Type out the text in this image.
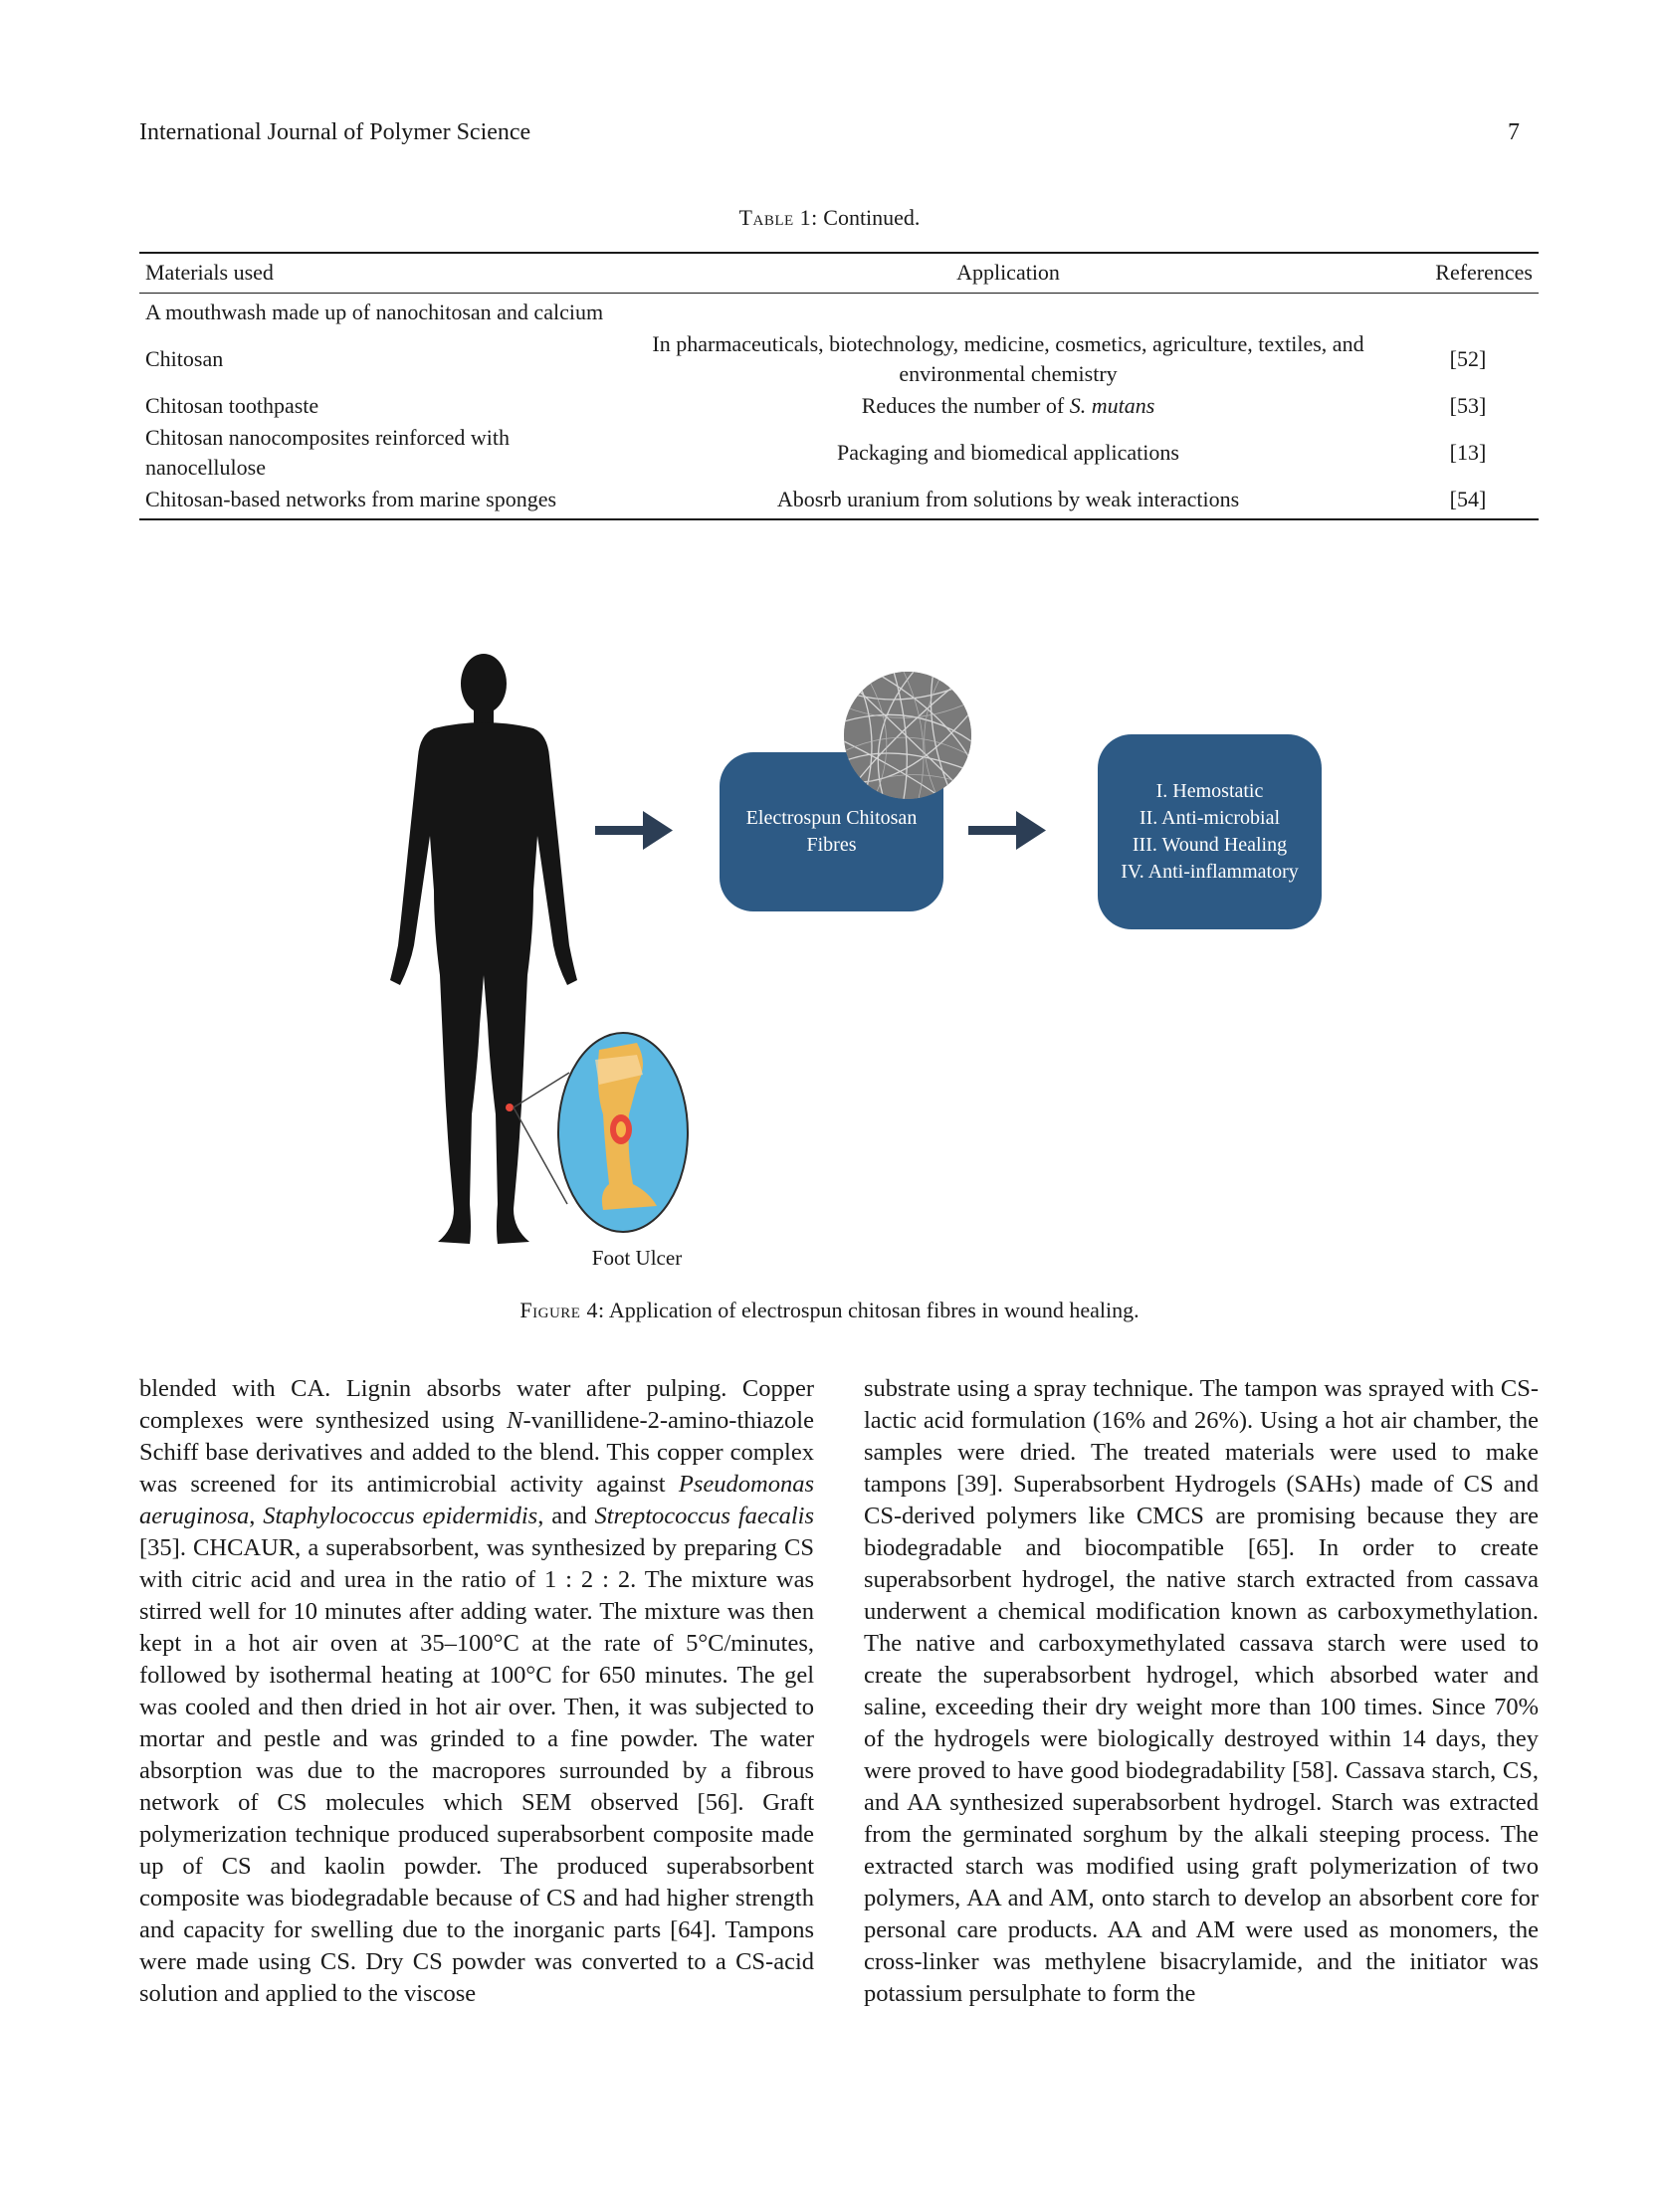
International Journal of Polymer Science	7
Table 1: Continued.
Materials used	Application	References
A mouthwash made up of nanochitosan and calcium		
Chitosan	In pharmaceuticals, biotechnology, medicine, cosmetics, agriculture, textiles, and environmental chemistry	[52]
Chitosan toothpaste	Reduces the number of S. mutans	[53]
Chitosan nanocomposites reinforced with nanocellulose	Packaging and biomedical applications	[13]
Chitosan-based networks from marine sponges	Abosrb uranium from solutions by weak interactions	[54]
Electrospun Chitosan
Fibres
I. Hemostatic
II. Anti-microbial
III. Wound Healing
IV. Anti-inflammatory
Foot Ulcer
Figure 4: Application of electrospun chitosan fibres in wound healing.

blended with CA. Lignin absorbs water after pulping. Copper complexes were synthesized using N-vanillidene-2-amino-thiazole Schiff base derivatives and added to the blend. This copper complex was screened for its antimicrobial activity against Pseudomonas aeruginosa, Staphylococcus epidermidis, and Streptococcus faecalis [35]. CHCAUR, a superabsorbent, was synthesized by preparing CS with citric acid and urea in the ratio of 1 : 2 : 2. The mixture was stirred well for 10 minutes after adding water. The mixture was then kept in a hot air oven at 35–100°C at the rate of 5°C/minutes, followed by isothermal heating at 100°C for 650 minutes. The gel was cooled and then dried in hot air over. Then, it was subjected to mortar and pestle and was grinded to a fine powder. The water absorption was due to the macropores surrounded by a fibrous network of CS molecules which SEM observed [56]. Graft polymerization technique produced superabsorbent composite made up of CS and kaolin powder. The produced superabsorbent composite was biodegradable because of CS and had higher strength and capacity for swelling due to the inorganic parts [64]. Tampons were made using CS. Dry CS powder was converted to a CS-acid solution and applied to the viscose

substrate using a spray technique. The tampon was sprayed with CS-lactic acid formulation (16% and 26%). Using a hot air chamber, the samples were dried. The treated materials were used to make tampons [39]. Superabsorbent Hydrogels (SAHs) made of CS and CS-derived polymers like CMCS are promising because they are biodegradable and biocompatible [65]. In order to create superabsorbent hydrogel, the native starch extracted from cassava underwent a chemical modification known as carboxymethylation. The native and carboxymethylated cassava starch were used to create the superabsorbent hydrogel, which absorbed water and saline, exceeding their dry weight more than 100 times. Since 70% of the hydrogels were biologically destroyed within 14 days, they were proved to have good biodegradability [58]. Cassava starch, CS, and AA synthesized superabsorbent hydrogel. Starch was extracted from the germinated sorghum by the alkali steeping process. The extracted starch was modified using graft polymerization of two polymers, AA and AM, onto starch to develop an absorbent core for personal care products. AA and AM were used as monomers, the cross-linker was methylene bisacrylamide, and the initiator was potassium persulphate to form the
